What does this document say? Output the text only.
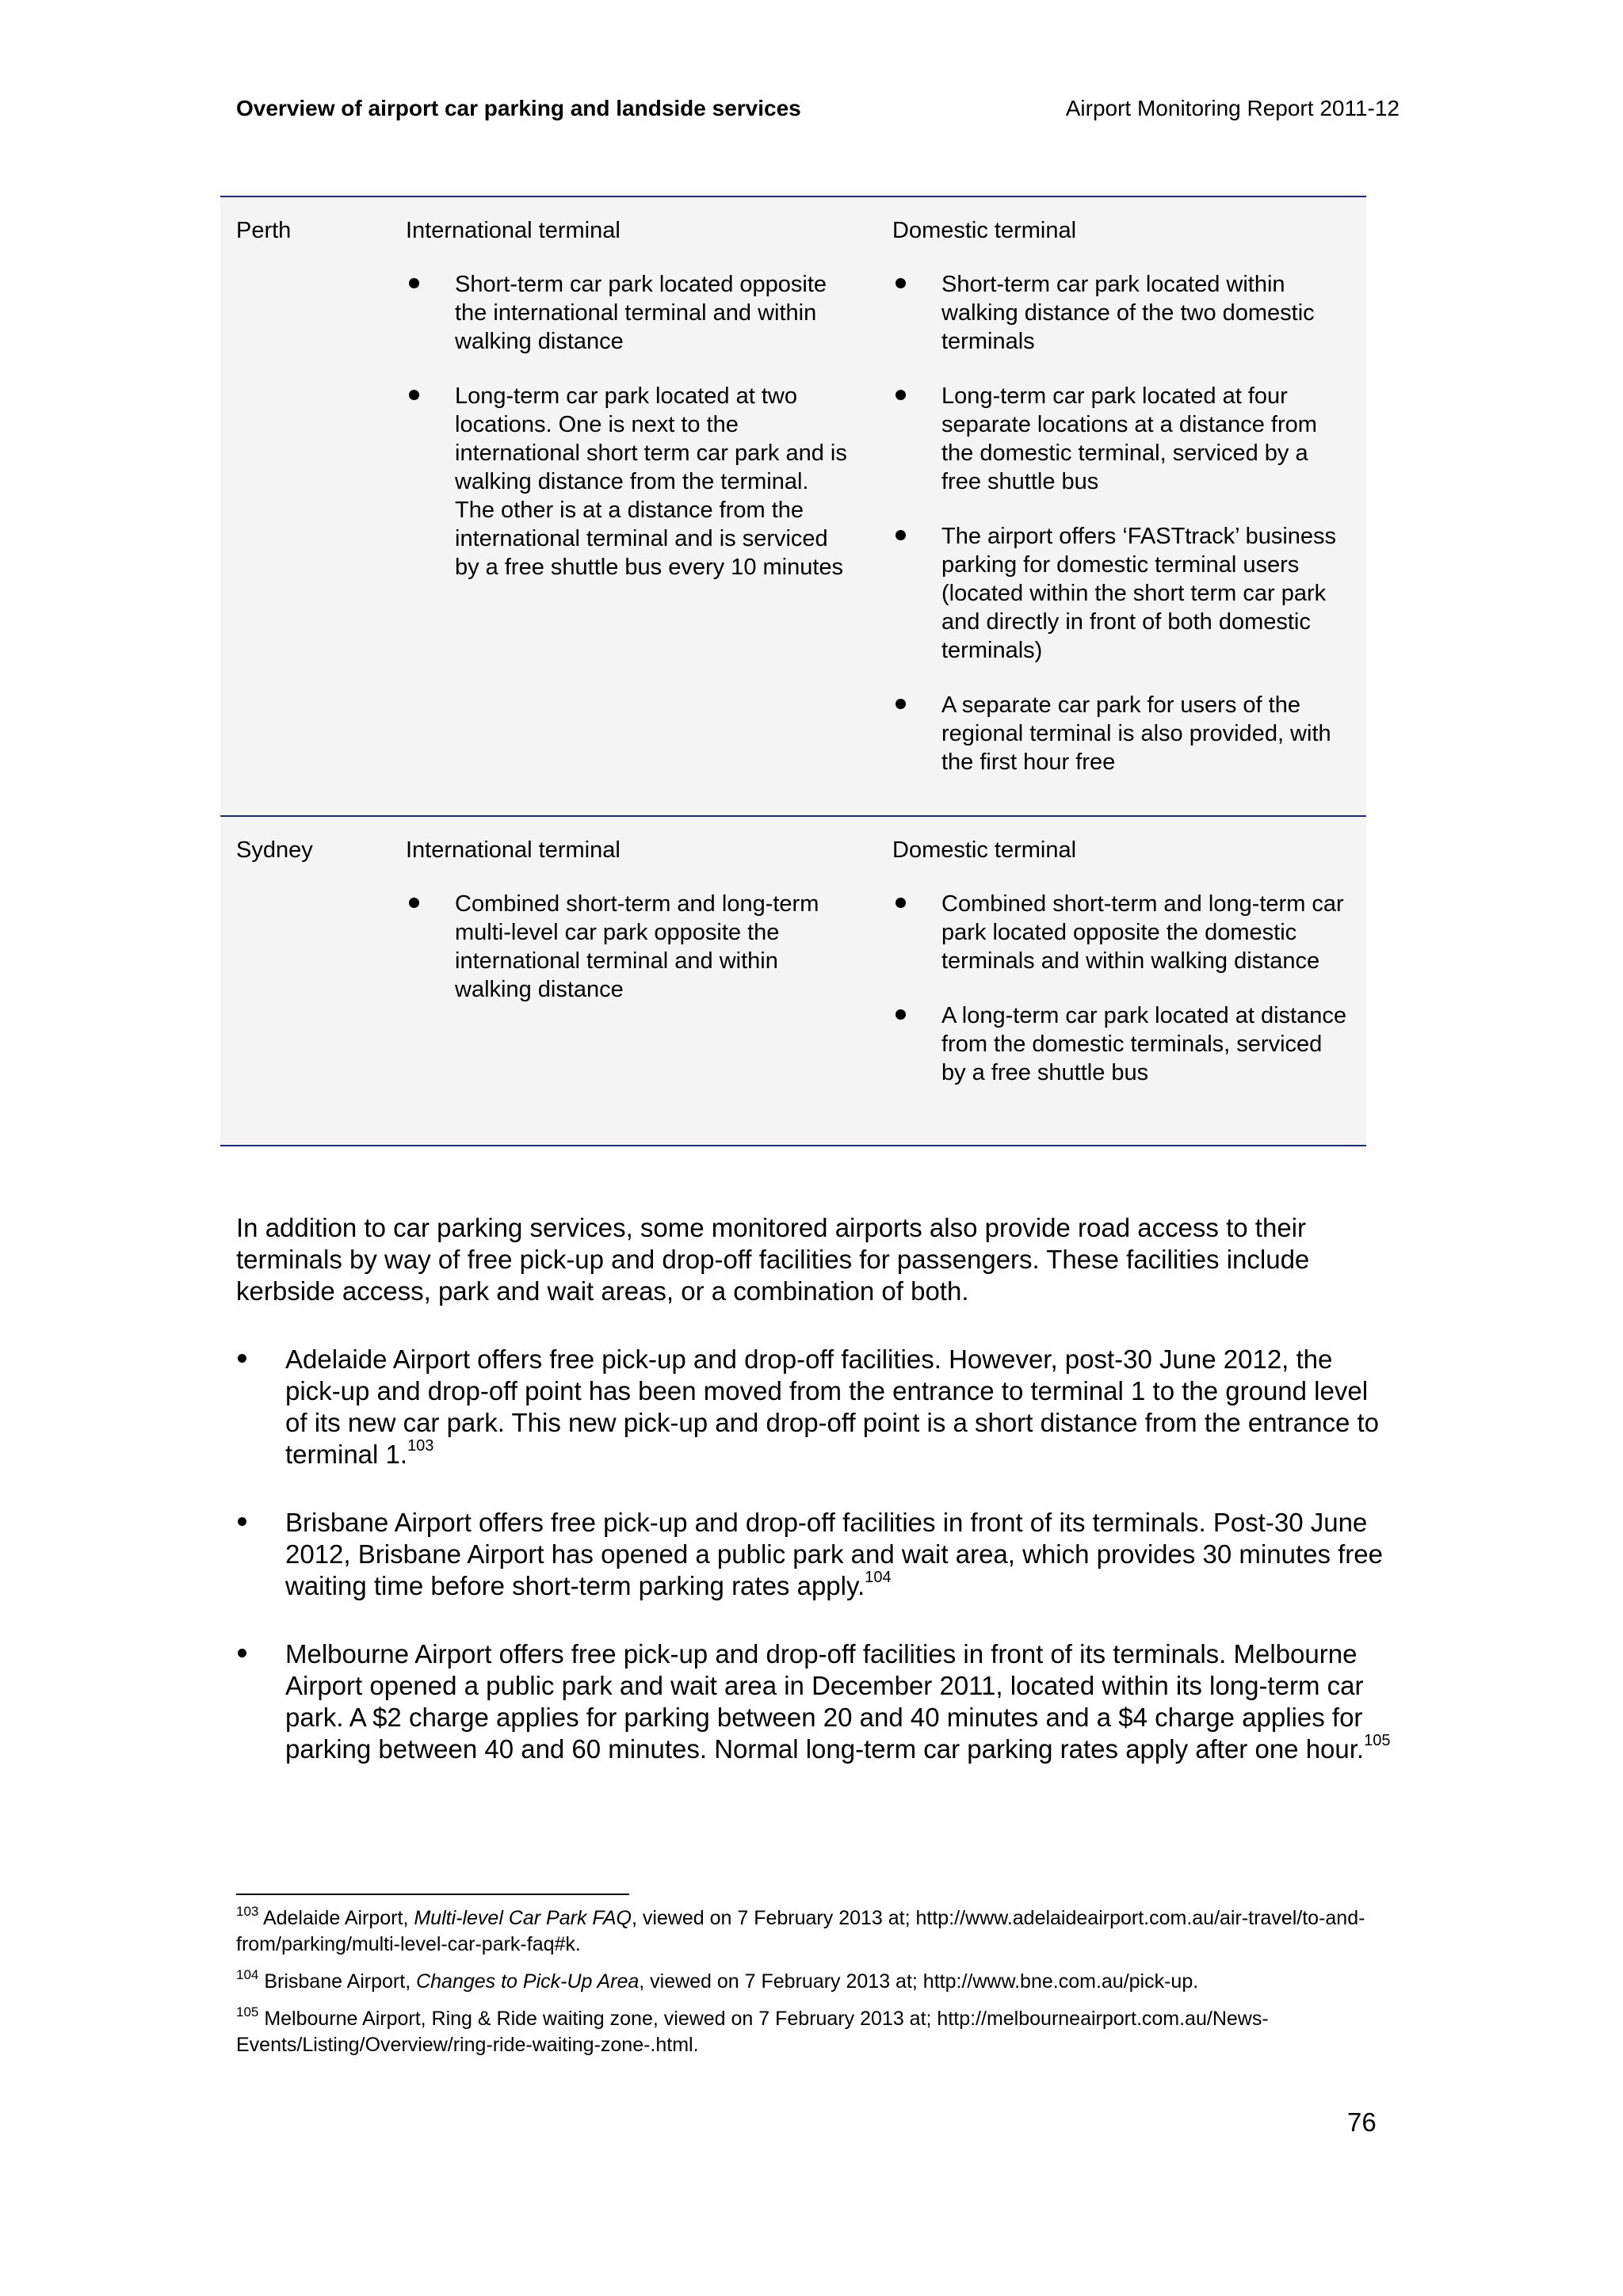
Overview of airport car parking and landside services	Airport Monitoring Report 2011-12
Perth	International terminal

Short-term car park located opposite the international terminal and within walking distance
Long-term car park located at two locations. One is next to the international short term car park and is walking distance from the terminal. The other is at a distance from the international terminal and is serviced by a free shuttle bus every 10 minutes

Domestic terminal

Short-term car park located within walking distance of the two domestic terminals
Long-term car park located at four separate locations at a distance from the domestic terminal, serviced by a free shuttle bus
The airport offers ‘FASTtrack’ business parking for domestic terminal users (located within the short term car park and directly in front of both domestic terminals)
A separate car park for users of the regional terminal is also provided, with the first hour free
Sydney	International terminal

Combined short-term and long-term multi-level car park opposite the international terminal and within walking distance

Domestic terminal

Combined short-term and long-term car park located opposite the domestic terminals and within walking distance
A long-term car park located at distance from the domestic terminals, serviced by a free shuttle bus

In addition to car parking services, some monitored airports also provide road access to their terminals by way of free pick-up and drop-off facilities for passengers. These facilities include kerbside access, park and wait areas, or a combination of both.

Adelaide Airport offers free pick-up and drop-off facilities. However, post-30 June 2012, the pick-up and drop-off point has been moved from the entrance to terminal 1 to the ground level of its new car park. This new pick-up and drop-off point is a short distance from the entrance to terminal 1.$^{103}$
Brisbane Airport offers free pick-up and drop-off facilities in front of its terminals. Post-30 June 2012, Brisbane Airport has opened a public park and wait area, which provides 30 minutes free waiting time before short-term parking rates apply.$^{104}$
Melbourne Airport offers free pick-up and drop-off facilities in front of its terminals. Melbourne Airport opened a public park and wait area in December 2011, located within its long-term car park. A $2 charge applies for parking between 20 and 40 minutes and a $4 charge applies for parking between 40 and 60 minutes. Normal long-term car parking rates apply after one hour.$^{105}$

$^{103}$ Adelaide Airport, Multi-level Car Park FAQ, viewed on 7 February 2013 at; http://www.adelaideairport.com.au/air-travel/to-and-from/parking/multi-level-car-park-faq#k.

$^{104}$ Brisbane Airport, Changes to Pick-Up Area, viewed on 7 February 2013 at; http://www.bne.com.au/pick-up.

$^{105}$ Melbourne Airport, Ring & Ride waiting zone, viewed on 7 February 2013 at; http://melbourneairport.com.au/News-Events/Listing/Overview/ring-ride-waiting-zone-.html.

76
